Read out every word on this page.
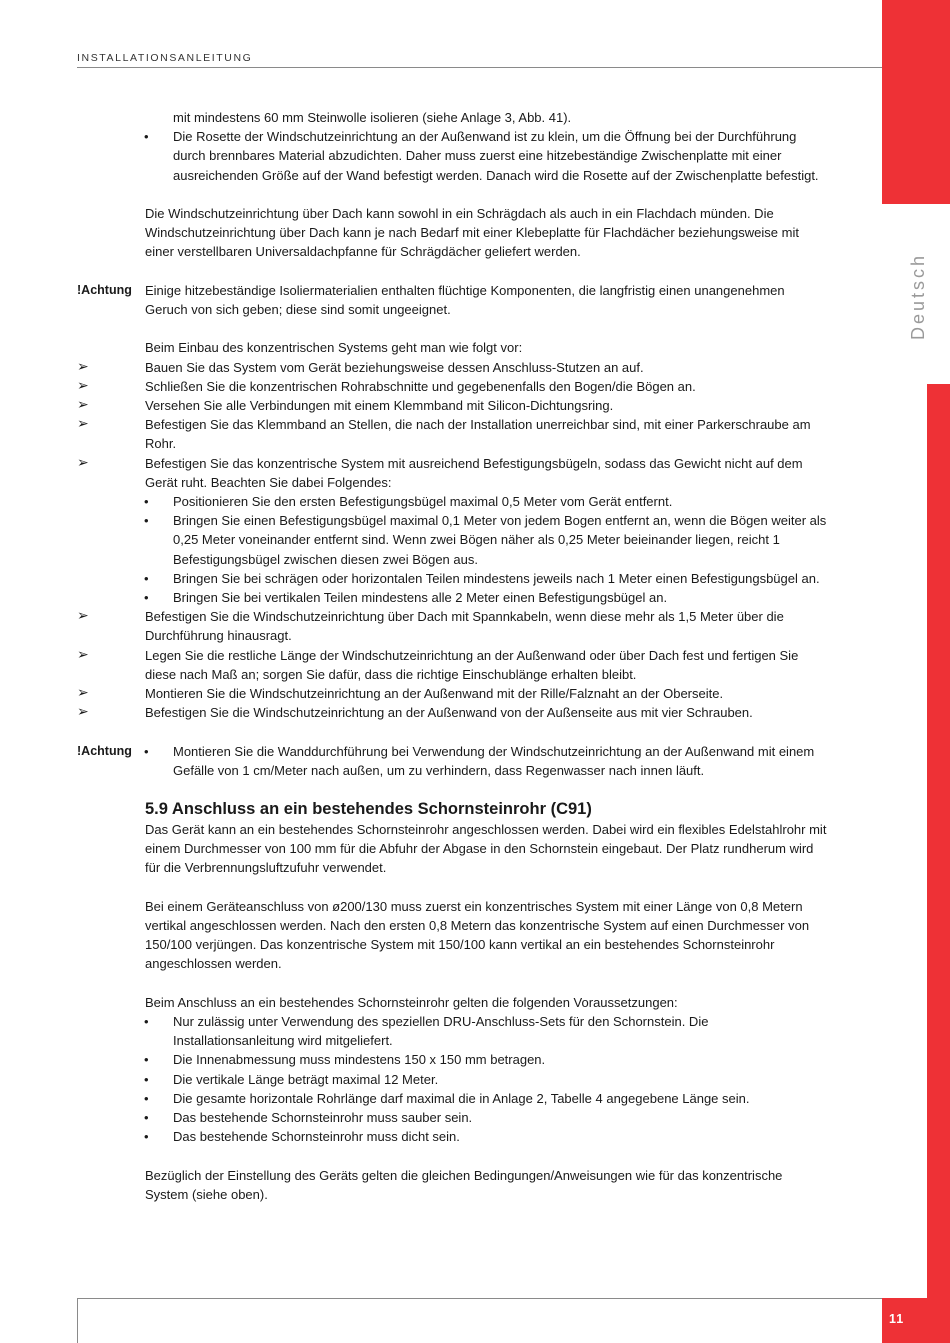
INSTALLATIONSANLEITUNG
Deutsch
mit mindestens 60 mm Steinwolle isolieren (siehe Anlage 3, Abb. 41).
• Die Rosette der Windschutzeinrichtung an der Außenwand ist zu klein, um die Öffnung bei der Durchführung durch brennbares Material abzudichten. Daher muss zuerst eine hitzebeständige Zwischenplatte mit einer ausreichenden Größe auf der Wand befestigt werden. Danach wird die Rosette auf der Zwischenplatte befestigt.
Die Windschutzeinrichtung über Dach kann sowohl in ein Schrägdach als auch in ein Flachdach münden. Die Windschutzeinrichtung über Dach kann je nach Bedarf mit einer Klebeplatte für Flachdächer beziehungsweise mit einer verstellbaren Universaldachpfanne für Schrägdächer geliefert werden.
!Achtung Einige hitzebeständige Isoliermaterialien enthalten flüchtige Komponenten, die langfristig einen unangenehmen Geruch von sich geben; diese sind somit ungeeignet.
Beim Einbau des konzentrischen Systems geht man wie folgt vor:
➢	Bauen Sie das System vom Gerät beziehungsweise dessen Anschluss-Stutzen an auf.
➢	Schließen Sie die konzentrischen Rohrabschnitte und gegebenenfalls den Bogen/die Bögen an.
➢	Versehen Sie alle Verbindungen mit einem Klemmband mit Silicon-Dichtungsring.
➢	Befestigen Sie das Klemmband an Stellen, die nach der Installation unerreichbar sind, mit einer Parkerschraube am Rohr.
➢	Befestigen Sie das konzentrische System mit ausreichend Befestigungsbügeln, sodass das Gewicht nicht auf dem Gerät ruht. Beachten Sie dabei Folgendes:
• Positionieren Sie den ersten Befestigungsbügel maximal 0,5 Meter vom Gerät entfernt.
• Bringen Sie einen Befestigungsbügel maximal 0,1 Meter von jedem Bogen entfernt an, wenn die Bögen weiter als 0,25 Meter voneinander entfernt sind. Wenn zwei Bögen näher als 0,25 Meter beieinander liegen, reicht 1 Befestigungsbügel zwischen diesen zwei Bögen aus.
• Bringen Sie bei schrägen oder horizontalen Teilen mindestens jeweils nach 1 Meter einen Befestigungsbügel an.
• Bringen Sie bei vertikalen Teilen mindestens alle 2 Meter einen Befestigungsbügel an.
➢	Befestigen Sie die Windschutzeinrichtung über Dach mit Spannkabeln, wenn diese mehr als 1,5 Meter über die Durchführung hinausragt.
➢	Legen Sie die restliche Länge der Windschutzeinrichtung an der Außenwand oder über Dach fest und fertigen Sie diese nach Maß an; sorgen Sie dafür, dass die richtige Einschublänge erhalten bleibt.
➢	Montieren Sie die Windschutzeinrichtung an der Außenwand mit der Rille/Falznaht an der Oberseite.
➢	Befestigen Sie die Windschutzeinrichtung an der Außenwand von der Außenseite aus mit vier Schrauben.
!Achtung • Montieren Sie die Wanddurchführung bei Verwendung der Windschutzeinrichtung an der Außenwand mit einem Gefälle von 1 cm/Meter nach außen, um zu verhindern, dass Regenwasser nach innen läuft.
5.9 Anschluss an ein bestehendes Schornsteinrohr (C91)
Das Gerät kann an ein bestehendes Schornsteinrohr angeschlossen werden. Dabei wird ein flexibles Edelstahlrohr mit einem Durchmesser von 100 mm für die Abfuhr der Abgase in den Schornstein eingebaut. Der Platz rundherum wird für die Verbrennungsluftzufuhr verwendet.
Bei einem Geräteanschluss von ø200/130 muss zuerst ein konzentrisches System mit einer Länge von 0,8 Metern vertikal angeschlossen werden. Nach den ersten 0,8 Metern das konzentrische System auf einen Durchmesser von 150/100 verjüngen. Das konzentrische System mit 150/100 kann vertikal an ein bestehendes Schornsteinrohr angeschlossen werden.
Beim Anschluss an ein bestehendes Schornsteinrohr gelten die folgenden Voraussetzungen:
• Nur zulässig unter Verwendung des speziellen DRU-Anschluss-Sets für den Schornstein. Die Installationsanleitung wird mitgeliefert.
• Die Innenabmessung muss mindestens 150 x 150 mm betragen.
• Die vertikale Länge beträgt maximal 12 Meter.
• Die gesamte horizontale Rohrlänge darf maximal die in Anlage 2, Tabelle 4 angegebene Länge sein.
• Das bestehende Schornsteinrohr muss sauber sein.
• Das bestehende Schornsteinrohr muss dicht sein.
Bezüglich der Einstellung des Geräts gelten die gleichen Bedingungen/Anweisungen wie für das konzentrische System (siehe oben).
11
